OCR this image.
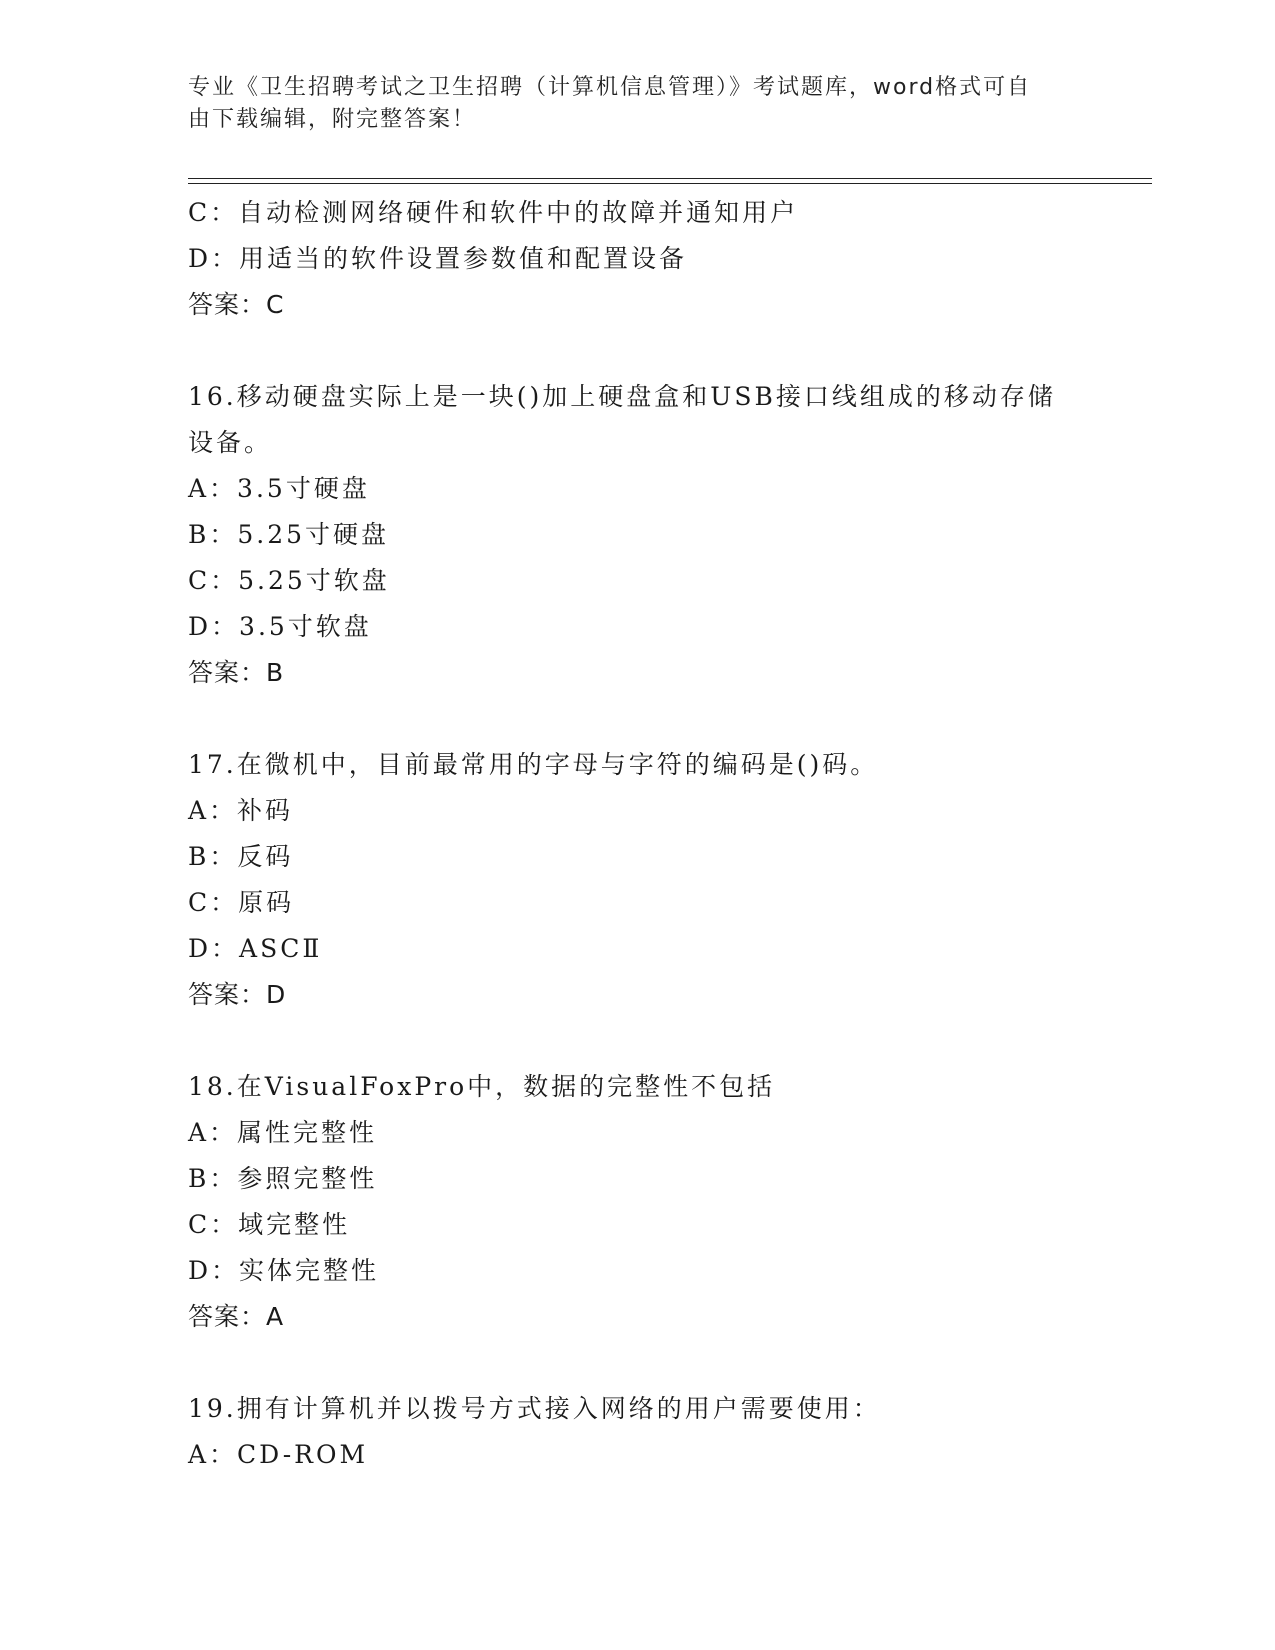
专业《卫生招聘考试之卫生招聘（计算机信息管理）》考试题库，word格式可自
由下载编辑，附完整答案！
C：自动检测网络硬件和软件中的故障并通知用户
D：用适当的软件设置参数值和配置设备
答案：C
16.移动硬盘实际上是一块()加上硬盘盒和USB接口线组成的移动存储
设备。
A：3.5寸硬盘
B：5.25寸硬盘
C：5.25寸软盘
D：3.5寸软盘
答案：B
17.在微机中，目前最常用的字母与字符的编码是()码。
A：补码
B：反码
C：原码
D：ASCⅡ
答案：D
18.在VisualFoxPro中，数据的完整性不包括
A：属性完整性
B：参照完整性
C：域完整性
D：实体完整性
答案：A
19.拥有计算机并以拨号方式接入网络的用户需要使用：
A：CD-ROM
